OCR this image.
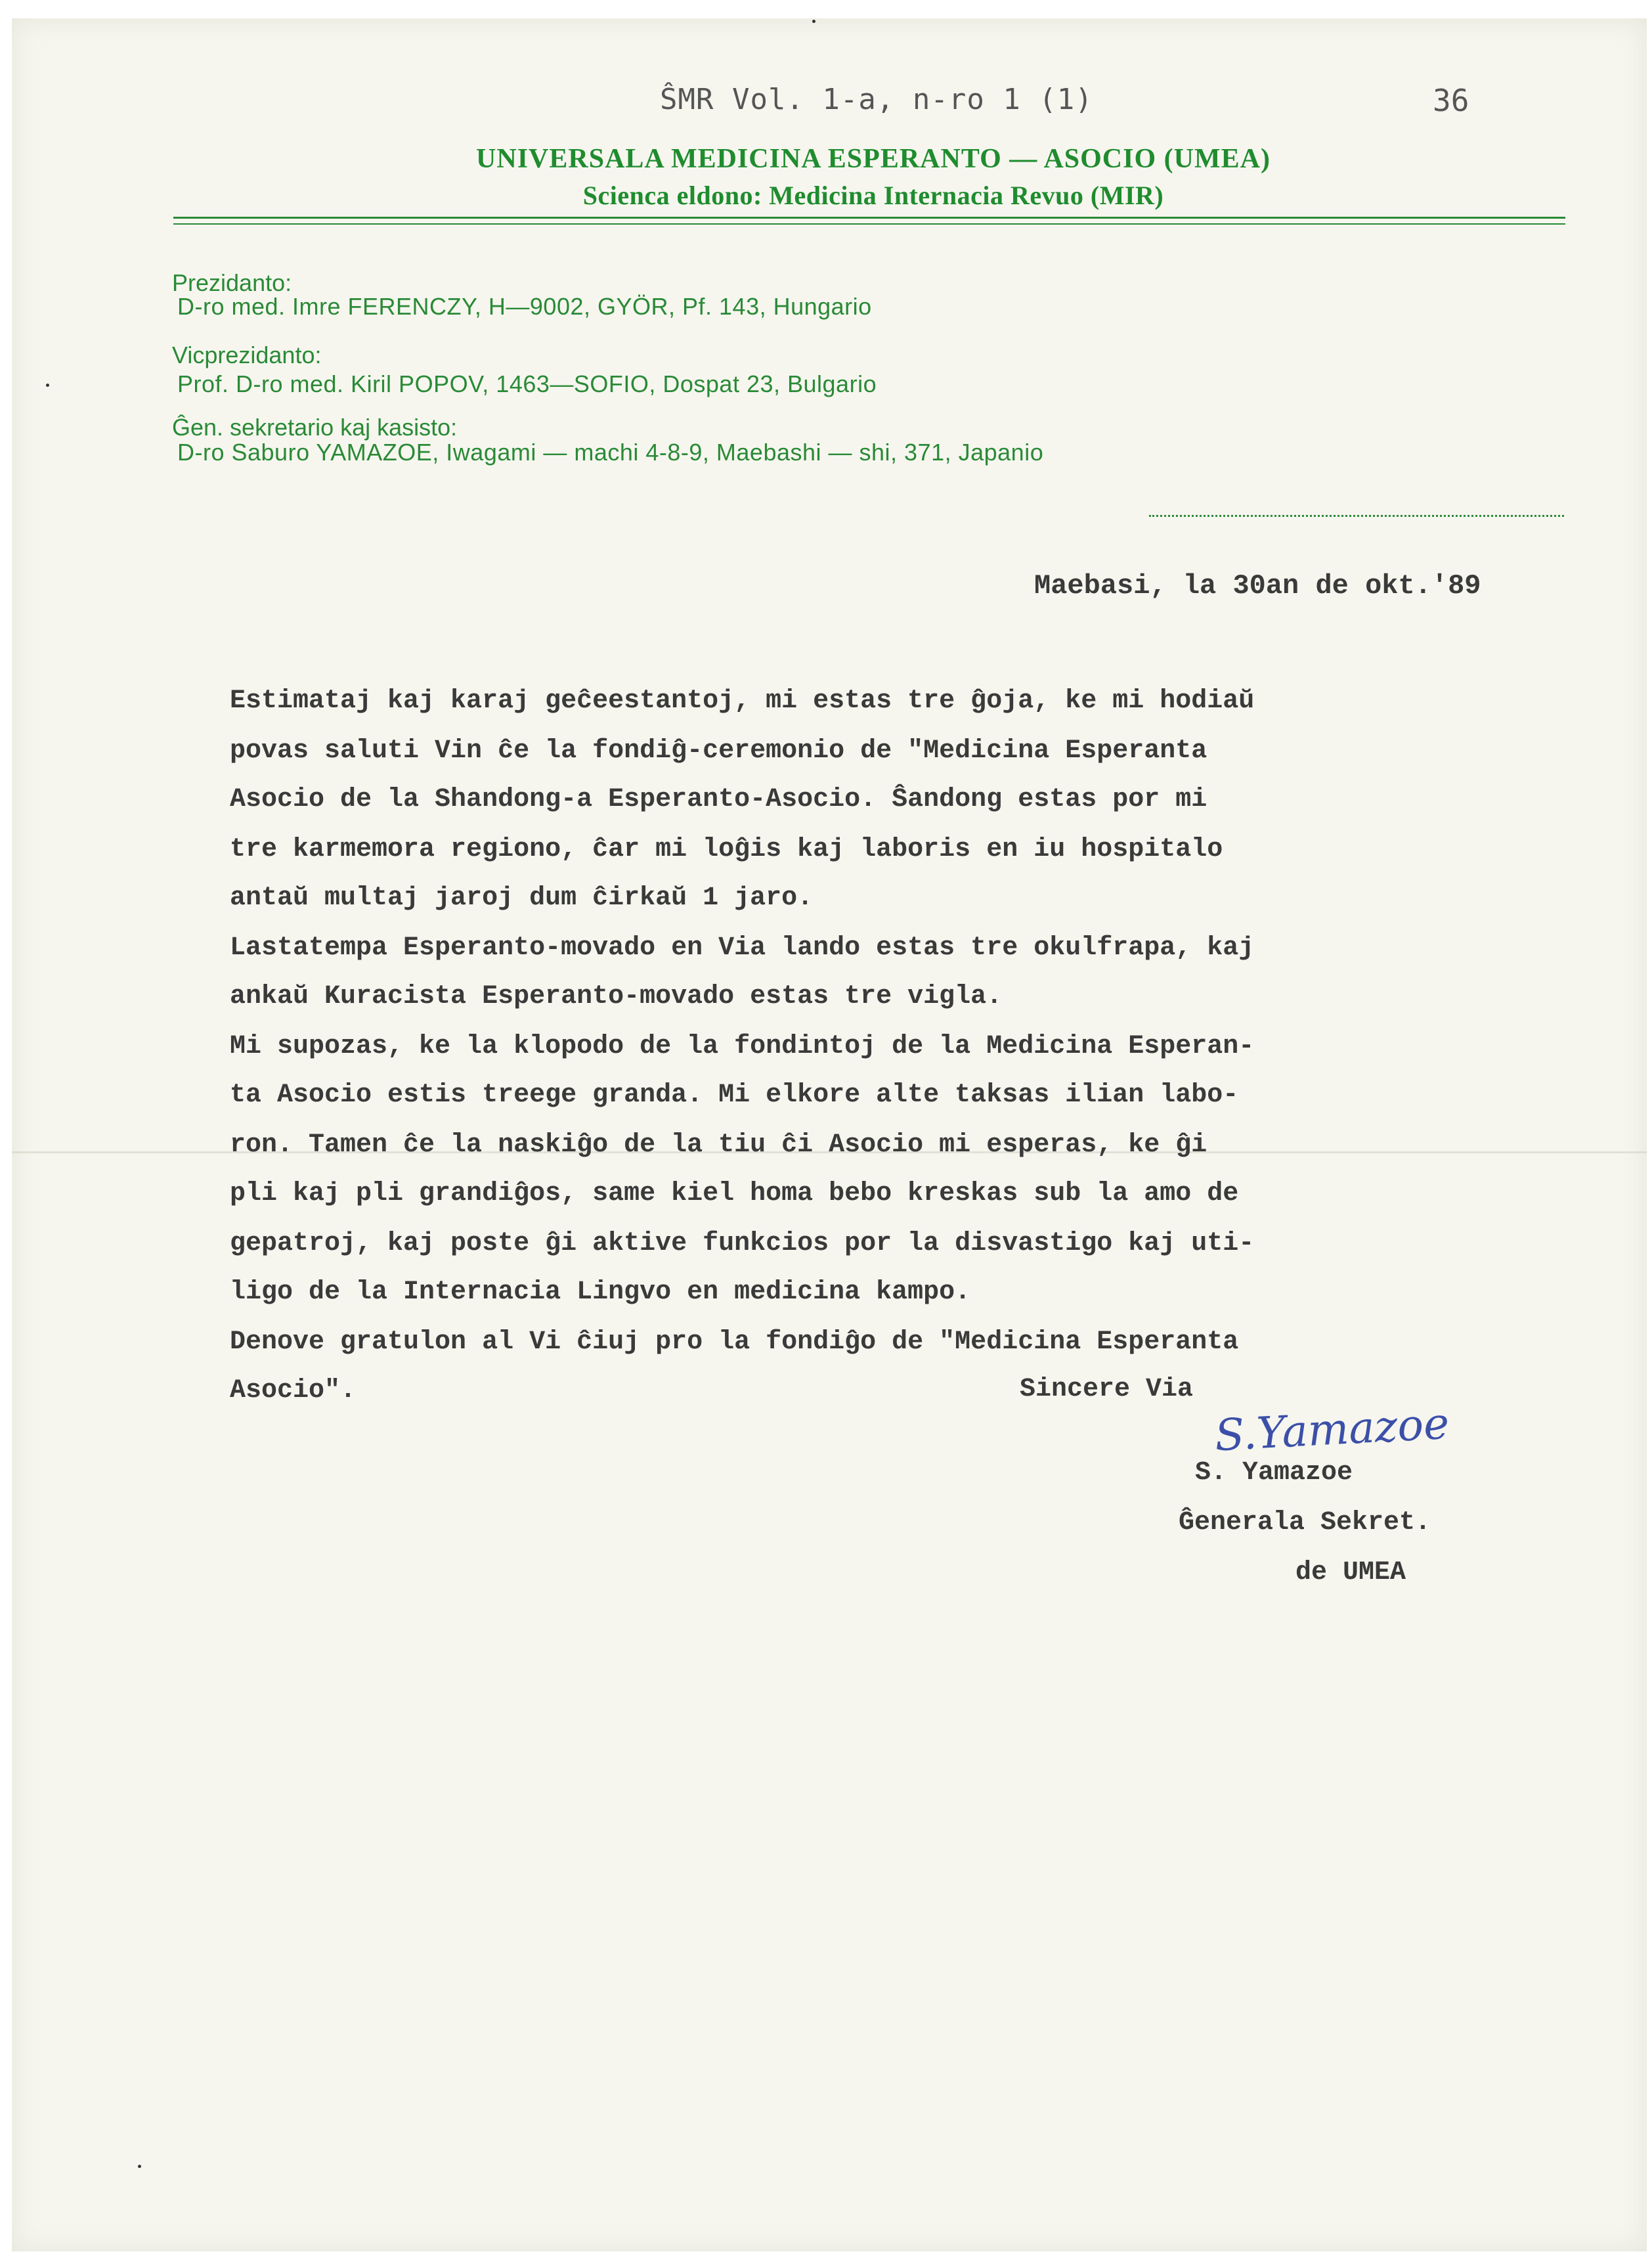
ŜMR Vol. 1-a, n-ro 1 (1)	36
UNIVERSALA MEDICINA ESPERANTO — ASOCIO (UMEA)
Scienca eldono: Medicina Internacia Revuo (MIR)
Prezidanto:
D-ro med. Imre FERENCZY, H—9002, GYÖR, Pf. 143, Hungario
Vicprezidanto:
Prof. D-ro med. Kiril POPOV, 1463—SOFIO, Dospat 23, Bulgario
Ĝen. sekretario kaj kasisto:
D-ro Saburo YAMAZOE, Iwagami — machi 4-8-9, Maebashi — shi, 371, Japanio
Maebasi, la 30an de okt.'89
Estimataj kaj karaj geĉeestantoj, mi estas tre ĝoja, ke mi hodiaŭ
povas saluti Vin ĉe la fondiĝ-ceremonio de "Medicina Esperanta
Asocio de la Shandong-a Esperanto-Asocio. Ŝandong estas por mi
tre karmemora regiono, ĉar mi loĝis kaj laboris en iu hospitalo
antaŭ multaj jaroj dum ĉirkaŭ 1 jaro.
Lastatempa Esperanto-movado en Via lando estas tre okulfrapa, kaj
ankaŭ Kuracista Esperanto-movado estas tre vigla.
Mi supozas, ke la klopodo de la fondintoj de la Medicina Esperan-
ta Asocio estis treege granda. Mi elkore alte taksas ilian labo-
ron. Tamen ĉe la naskiĝo de la tiu ĉi Asocio mi esperas, ke ĝi
pli kaj pli grandiĝos, same kiel homa bebo kreskas sub la amo de
gepatroj, kaj poste ĝi aktive funkcios por la disvastigo kaj uti-
ligo de la Internacia Lingvo en medicina kampo.
Denove gratulon al Vi ĉiuj pro la fondiĝo de "Medicina Esperanta
Asocio".	Sincere Via
S.Yamazoe
S. Yamazoe
Ĝenerala Sekret.
de UMEA
